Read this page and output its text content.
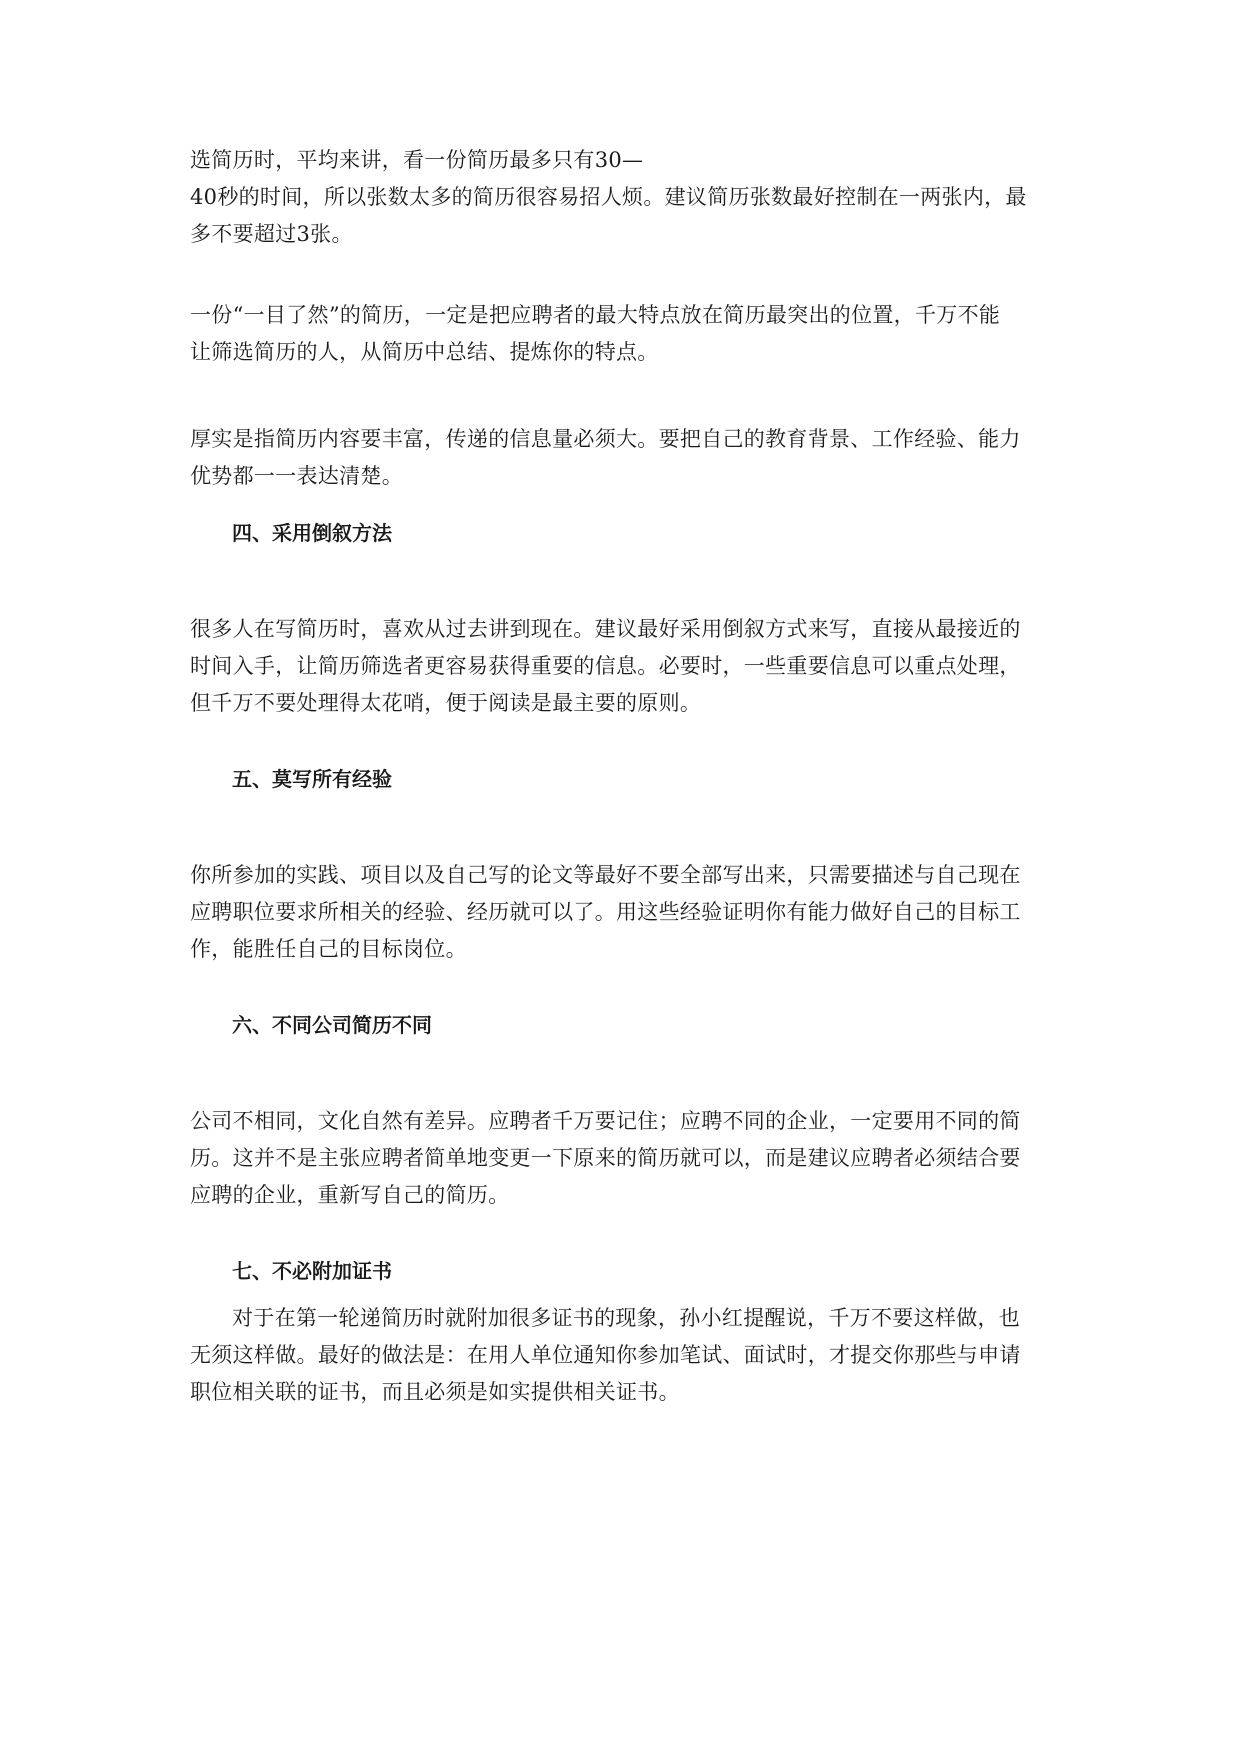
选简历时，平均来讲，看一份简历最多只有30—
40秒的时间，所以张数太多的简历很容易招人烦。建议简历张数最好控制在一两张内，最
多不要超过3张。
一份“一目了然”的简历，一定是把应聘者的最大特点放在简历最突出的位置，千万不能
让筛选简历的人，从简历中总结、提炼你的特点。
厚实是指简历内容要丰富，传递的信息量必须大。要把自己的教育背景、工作经验、能力
优势都一一表达清楚。
四、采用倒叙方法
很多人在写简历时，喜欢从过去讲到现在。建议最好采用倒叙方式来写，直接从最接近的
时间入手，让简历筛选者更容易获得重要的信息。必要时，一些重要信息可以重点处理，
但千万不要处理得太花哨，便于阅读是最主要的原则。
五、莫写所有经验
你所参加的实践、项目以及自己写的论文等最好不要全部写出来，只需要描述与自己现在
应聘职位要求所相关的经验、经历就可以了。用这些经验证明你有能力做好自己的目标工
作，能胜任自己的目标岗位。
六、不同公司简历不同
公司不相同，文化自然有差异。应聘者千万要记住；应聘不同的企业，一定要用不同的简
历。这并不是主张应聘者简单地变更一下原来的简历就可以，而是建议应聘者必须结合要
应聘的企业，重新写自己的简历。
七、不必附加证书
对于在第一轮递简历时就附加很多证书的现象，孙小红提醒说，千万不要这样做，也
无须这样做。最好的做法是：在用人单位通知你参加笔试、面试时，才提交你那些与申请
职位相关联的证书，而且必须是如实提供相关证书。
